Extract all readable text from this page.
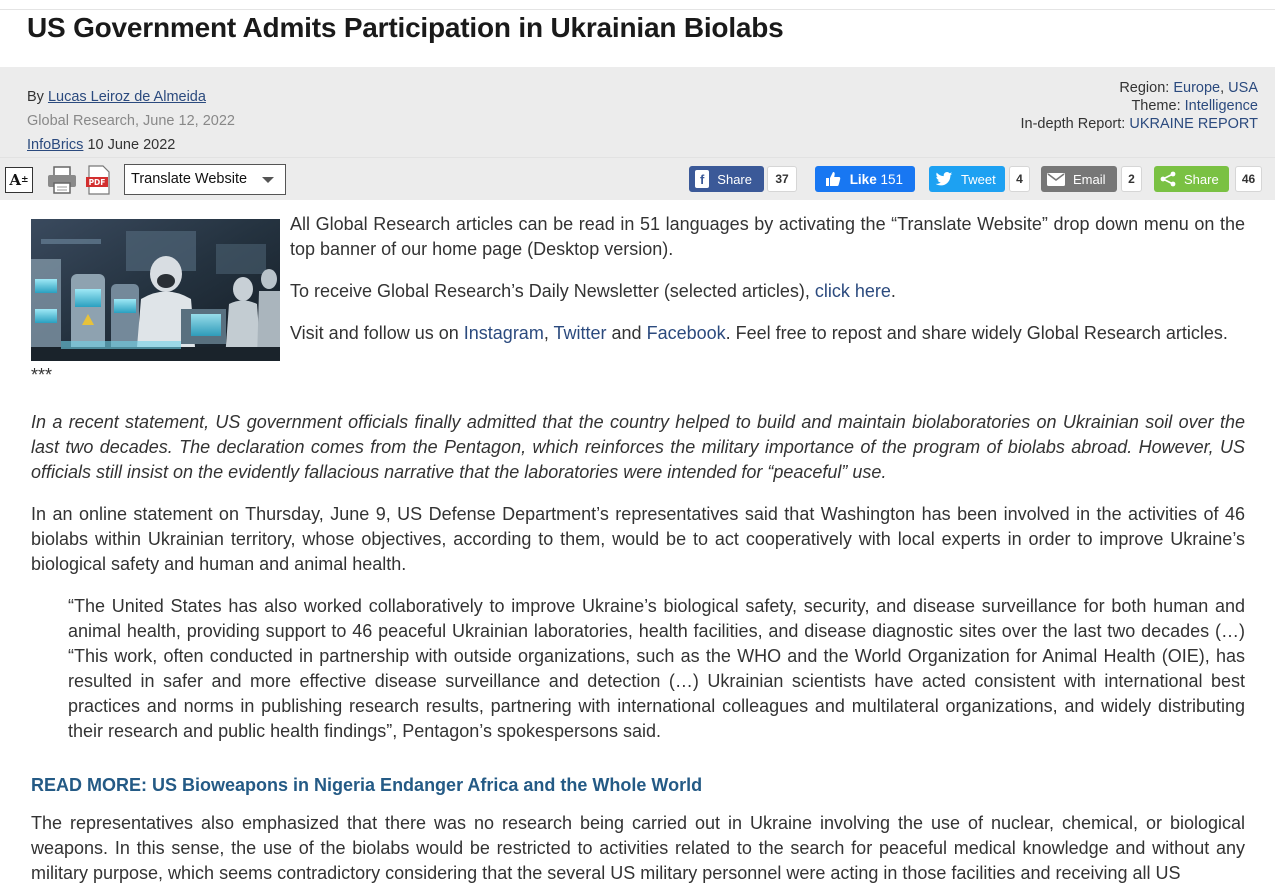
US Government Admits Participation in Ukrainian Biolabs
By Lucas Leiroz de Almeida
Global Research, June 12, 2022
InfoBrics 10 June 2022
Region: Europe, USA
Theme: Intelligence
In-depth Report: UKRAINE REPORT
A ±	PDF	Translate Website	f Share	37	Like
151	Tweet	4	Email	2	Share	46

All Global Research articles can be read in 51 languages by activating the “Translate Website” drop down menu on the top banner of our home page (Desktop version).

To receive Global Research’s Daily Newsletter (selected articles), click here.

Visit and follow us on Instagram, Twitter and Facebook. Feel free to repost and share widely Global Research articles.

***

In a recent statement, US government officials finally admitted that the country helped to build and maintain biolaboratories on Ukrainian soil over the last two decades. The declaration comes from the Pentagon, which reinforces the military importance of the program of biolabs abroad. However, US officials still insist on the evidently fallacious narrative that the laboratories were intended for “peaceful” use.

In an online statement on Thursday, June 9, US Defense Department’s representatives said that Washington has been involved in the activities of 46 biolabs within Ukrainian territory, whose objectives, according to them, would be to act cooperatively with local experts in order to improve Ukraine’s biological safety and human and animal health.

“The United States has also worked collaboratively to improve Ukraine’s biological safety, security, and disease surveillance for both human and animal health, providing support to 46 peaceful Ukrainian laboratories, health facilities, and disease diagnostic sites over the last two decades (…) “This work, often conducted in partnership with outside organizations, such as the WHO and the World Organization for Animal Health (OIE), has resulted in safer and more effective disease surveillance and detection (…) Ukrainian scientists have acted consistent with international best practices and norms in publishing research results, partnering with international colleagues and multilateral organizations, and widely distributing their research and public health findings”, Pentagon’s spokespersons said.
READ MORE: US Bioweapons in Nigeria Endanger Africa and the Whole World

The representatives also emphasized that there was no research being carried out in Ukraine involving the use of nuclear, chemical, or biological weapons. In this sense, the use of the biolabs would be restricted to activities related to the search for peaceful medical knowledge and without any military purpose, which seems contradictory considering that the several US military personnel were acting in those facilities and receiving all US
